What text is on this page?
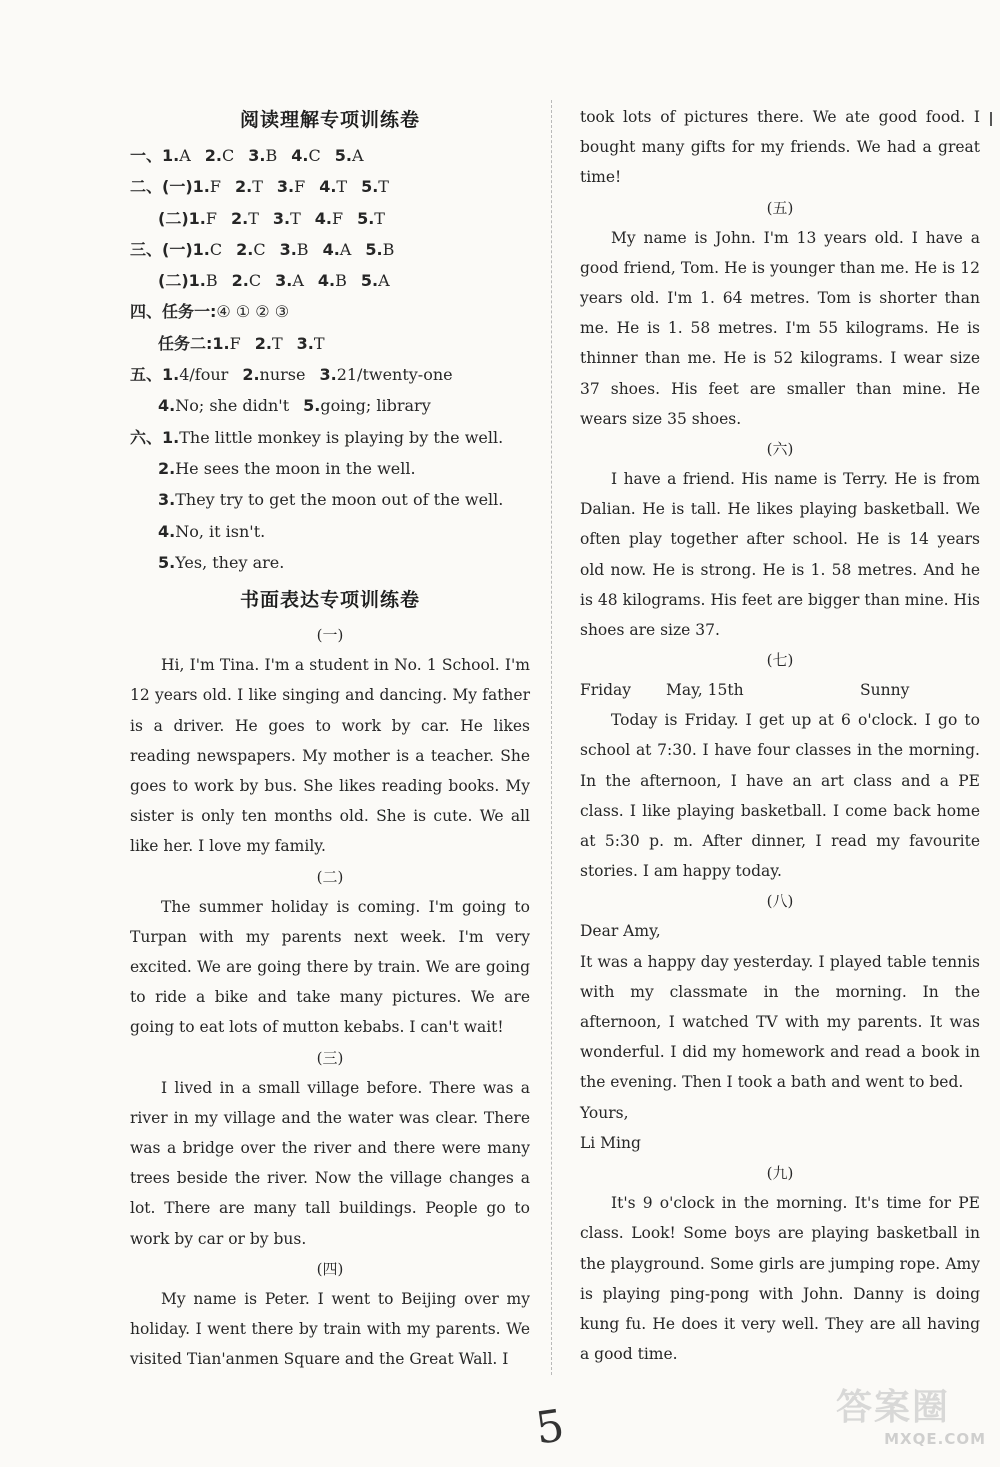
阅读理解专项训练卷
一、1.A 2.C 3.B 4.C 5.A
二、(一)1.F 2.T 3.F 4.T 5.T
(二)1.F 2.T 3.T 4.F 5.T
三、(一)1.C 2.C 3.B 4.A 5.B
(二)1.B 2.C 3.A 4.B 5.A
四、任务一:④ ① ② ③
任务二:1.F 2.T 3.T
五、1.4/four 2.nurse 3.21/twenty-one
4.No; she didn't 5.going; library
六、1.The little monkey is playing by the well.
2.He sees the moon in the well.
3.They try to get the moon out of the well.
4.No, it isn't.
5.Yes, they are.
书面表达专项训练卷
(一)

Hi, I'm Tina. I'm a student in No. 1 School. I'm 12 years old. I like singing and dancing. My father is a driver. He goes to work by car. He likes reading newspapers. My mother is a teacher. She goes to work by bus. She likes reading books. My sister is only ten months old. She is cute. We all like her. I love my family.

(二)

The summer holiday is coming. I'm going to Turpan with my parents next week. I'm very excited. We are going there by train. We are going to ride a bike and take many pictures. We are going to eat lots of mutton kebabs. I can't wait!

(三)

I lived in a small village before. There was a river in my village and the water was clear. There was a bridge over the river and there were many trees beside the river. Now the village changes a lot. There are many tall buildings. People go to work by car or by bus.

(四)

My name is Peter. I went to Beijing over my holiday. I went there by train with my parents. We visited Tian'anmen Square and the Great Wall. I

took lots of pictures there. We ate good food. I bought many gifts for my friends. We had a great time!

(五)

My name is John. I'm 13 years old. I have a good friend, Tom. He is younger than me. He is 12 years old. I'm 1. 64 metres. Tom is shorter than me. He is 1. 58 metres. I'm 55 kilograms. He is thinner than me. He is 52 kilograms. I wear size 37 shoes. His feet are smaller than mine. He wears size 35 shoes.

(六)

I have a friend. His name is Terry. He is from Dalian. He is tall. He likes playing basketball. We often play together after school. He is 14 years old now. He is strong. He is 1. 58 metres. And he is 48 kilograms. His feet are bigger than mine. His shoes are size 37.

(七)
Friday	May, 15th	Sunny

Today is Friday. I get up at 6 o'clock. I go to school at 7:30. I have four classes in the morning. In the afternoon, I have an art class and a PE class. I like playing basketball. I come back home at 5:30 p. m. After dinner, I read my favourite stories. I am happy today.

(八)

Dear Amy,

It was a happy day yesterday. I played table tennis with my classmate in the morning. In the afternoon, I watched TV with my parents. It was wonderful. I did my homework and read a book in the evening. Then I took a bath and went to bed.

Yours,

Li Ming

(九)

It's 9 o'clock in the morning. It's time for PE class. Look! Some boys are playing basketball in the playground. Some girls are jumping rope. Amy is playing ping-pong with John. Danny is doing kung fu. He does it very well. They are all having a good time.

5	答案圈
MXQE.COM
